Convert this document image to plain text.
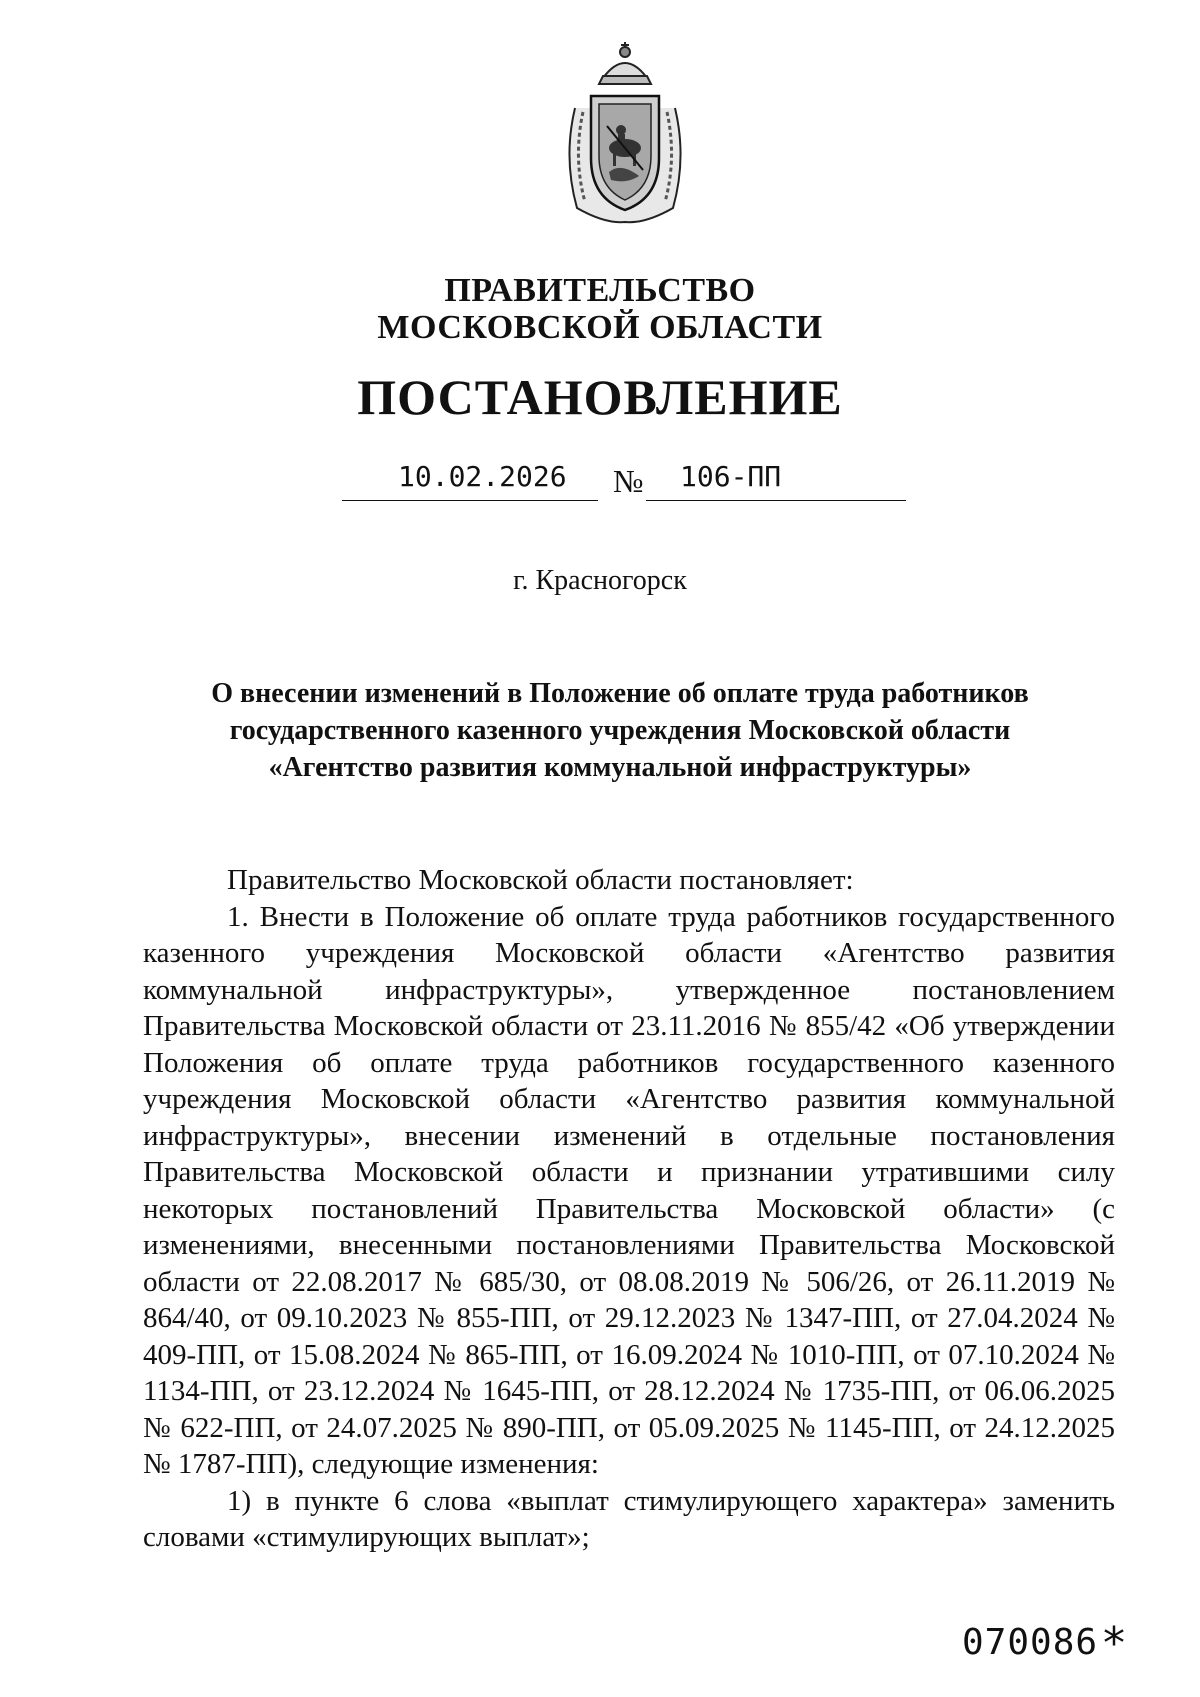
ПРАВИТЕЛЬСТВО
МОСКОВСКОЙ ОБЛАСТИ
ПОСТАНОВЛЕНИЕ
10.02.2026 № 106-ПП
г. Красногорск
О внесении изменений в Положение об оплате труда работников
государственного казенного учреждения Московской области
«Агентство развития коммунальной инфраструктуры»

Правительство Московской области постановляет:

1. Внести в Положение об оплате труда работников государственного казенного учреждения Московской области «Агентство развития коммунальной инфраструктуры», утвержденное постановлением Правительства Московской области от 23.11.2016 № 855/42 «Об утверждении Положения об оплате труда работников государственного казенного учреждения Московской области «Агентство развития коммунальной инфраструктуры», внесении изменений в отдельные постановления Правительства Московской области и признании утратившими силу некоторых постановлений Правительства Московской области» (с изменениями, внесенными постановлениями Правительства Московской области от 22.08.2017 № 685/30, от 08.08.2019 № 506/26, от 26.11.2019 № 864/40, от 09.10.2023 № 855-ПП, от 29.12.2023 № 1347-ПП, от 27.04.2024 № 409-ПП, от 15.08.2024 № 865-ПП, от 16.09.2024 № 1010-ПП, от 07.10.2024 № 1134-ПП, от 23.12.2024 № 1645-ПП, от 28.12.2024 № 1735-ПП, от 06.06.2025 № 622-ПП, от 24.07.2025 № 890-ПП, от 05.09.2025 № 1145-ПП, от 24.12.2025 № 1787-ПП), следующие изменения:

1) в пункте 6 слова «выплат стимулирующего характера» заменить словами «стимулирующих выплат»;

070086 *
